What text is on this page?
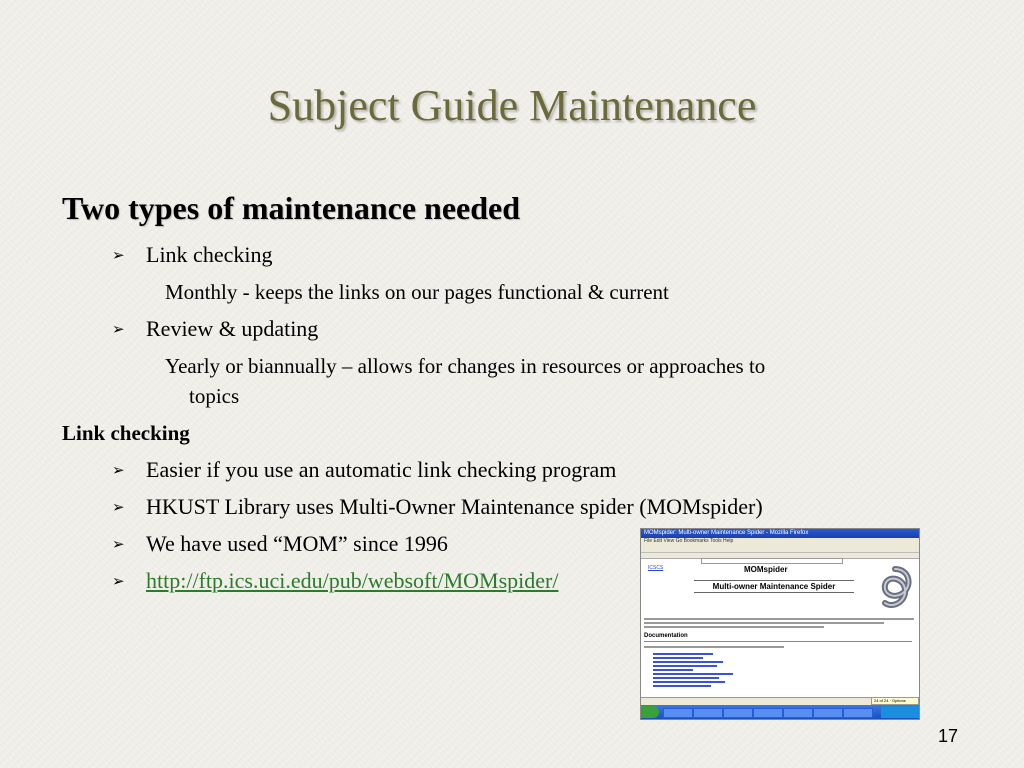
Subject Guide Maintenance
Two types of maintenance needed
➢ Link checking
Monthly - keeps the links on our pages functional & current
➢ Review & updating
Yearly or biannually – allows for changes in resources or approaches to
topics
Link checking
➢ Easier if you use an automatic link checking program
➢ HKUST Library uses Multi-Owner Maintenance spider (MOMspider)
➢ We have used “MOM” since 1996
➢ http://ftp.ics.uci.edu/pub/websoft/MOMspider/
MOMspider: Multi-owner Maintenance Spider - Mozilla Firefox
File Edit View Go Bookmarks Tools Help
ICSCS	MOMspider
Multi-owner Maintenance Spider
Documentation
24 of 24 · Options
17
